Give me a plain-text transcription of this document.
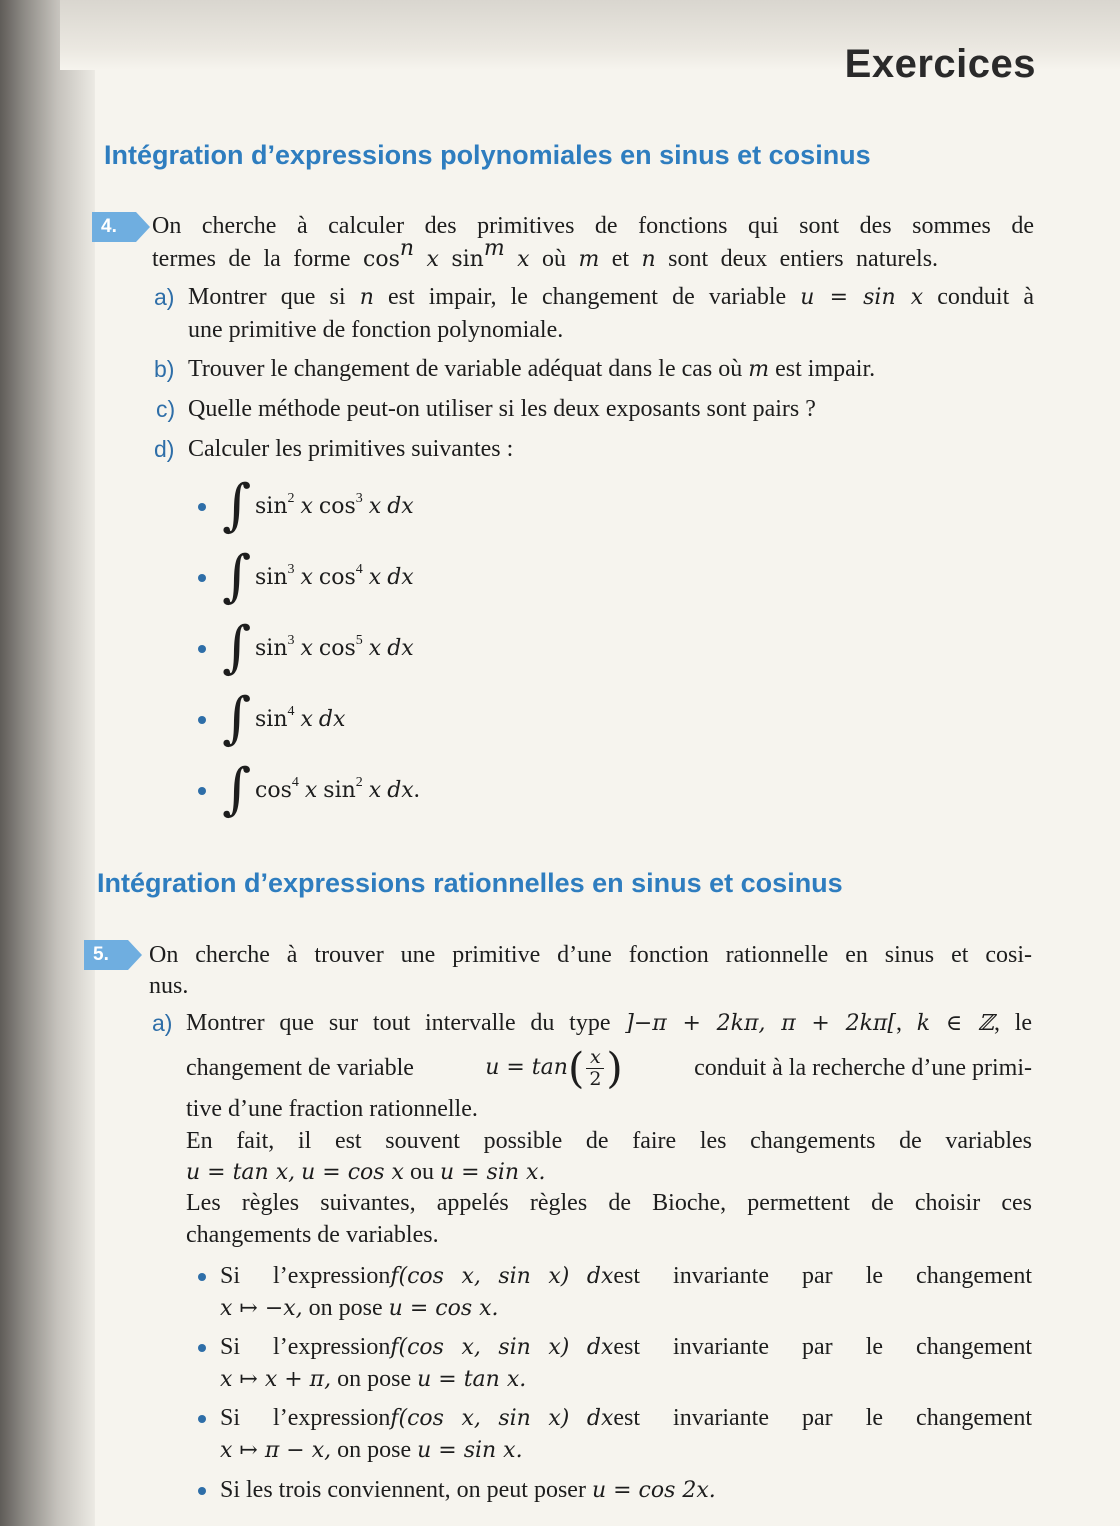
Exercices
Intégration d’expressions polynomiales en sinus et cosinus
4. On cherche à calculer des primitives de fonctions qui sont des sommes de

termes de la forme $\cos^n x$ $\sin^m x$ où m et n sont deux entiers naturels.

a) Montrer que si n est impair, le changement de variable u = sin x conduit à

une primitive de fonction polynomiale.

b) Trouver le changement de variable adéquat dans le cas où m est impair.

c) Quelle méthode peut-on utiliser si les deux exposants sont pairs ?

d) Calculer les primitives suivantes :

∫ $\sin^2 x$ $\cos^3 x$ dx
∫ $\sin^3 x$ $\cos^4 x$ dx
∫ $\sin^3 x$ $\cos^5 x$ dx
∫ $\sin^4 x$ dx
∫ $\cos^4 x$ $\sin^2 x$ dx.
Intégration d’expressions rationnelles en sinus et cosinus
5. On cherche à trouver une primitive d’une fonction rationnelle en sinus et cosi-

nus.

a) Montrer que sur tout intervalle du type ]−π + 2kπ, π + 2kπ[, k ∈ ℤ, le

changement de variable	$u = \tan( \frac{x}{2}$ )	conduit à la recherche d’une primi-

tive d’une fraction rationnelle.

En fait, il est souvent possible de faire les changements de variables

u = tan x, u = cos x ou u = sin x.

Les règles suivantes, appelés règles de Bioche, permettent de choisir ces

changements de variables.

Si  l’expressionf(cos x, sin x) dxest  invariante  par  le  changement

x ↦ −x, on pose u = cos x.

Si  l’expressionf(cos x, sin x) dxest  invariante  par  le  changement

x ↦ x + π, on pose u = tan x.

Si  l’expressionf(cos x, sin x) dxest  invariante  par  le  changement

x ↦ π − x, on pose u = sin x.

Si les trois conviennent, on peut poser u = cos 2x.
